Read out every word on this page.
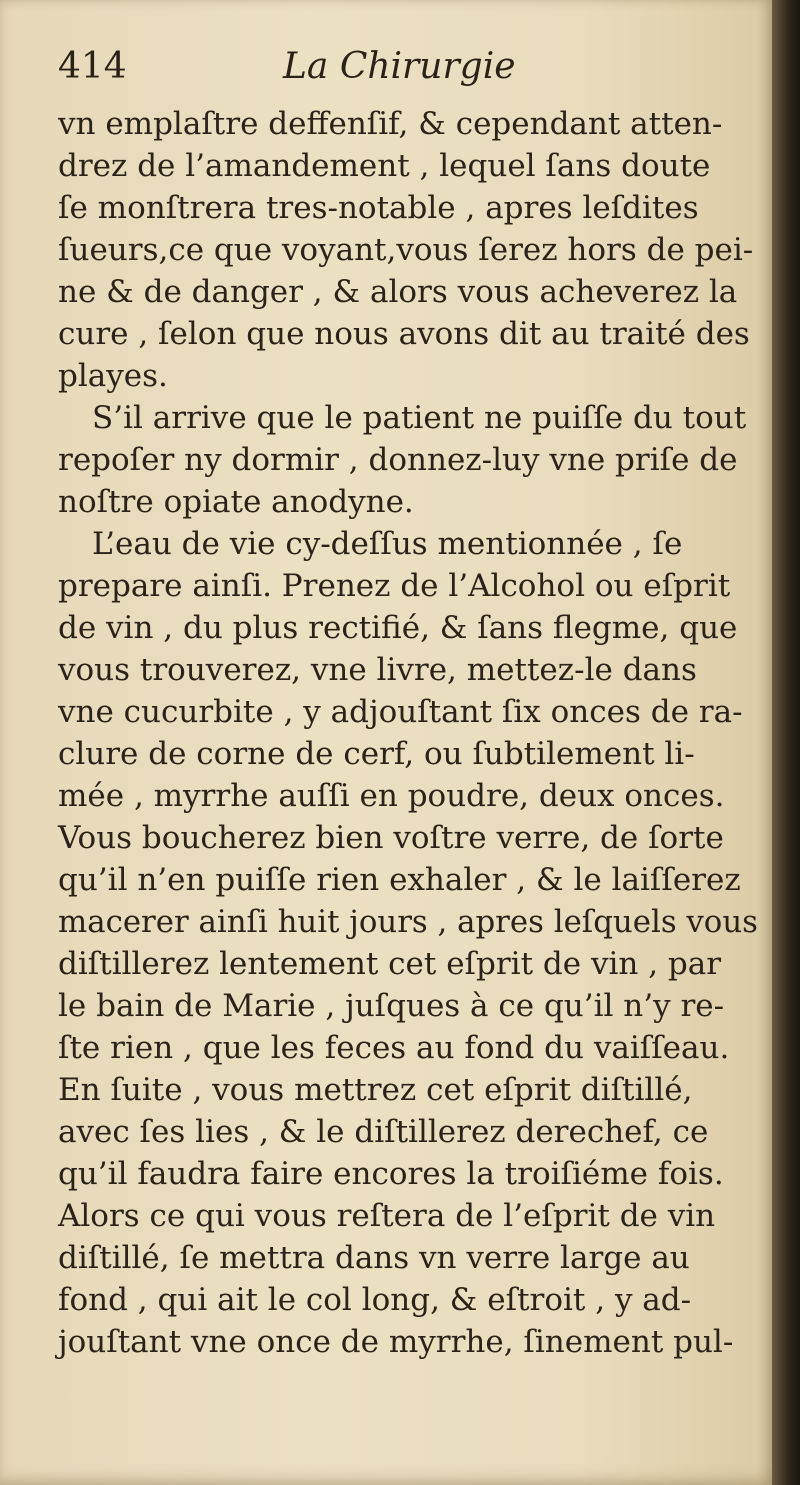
414	La Chirurgie
vn emplaſtre deffenſif, & cependant atten-
drez de l’amandement , lequel ſans doute
ſe monſtrera tres-notable , apres leſdites
ſueurs,ce que voyant,vous ſerez hors de pei-
ne & de danger , & alors vous acheverez la
cure , ſelon que nous avons dit au traité des
playes.
S’il arrive que le patient ne puiſſe du tout
repoſer ny dormir , donnez-luy vne priſe de
noſtre opiate anodyne.
L’eau de vie cy-deſſus mentionnée , ſe
prepare ainſi. Prenez de l’Alcohol ou eſprit
de vin , du plus rectifié, & ſans flegme, que
vous trouverez, vne livre, mettez-le dans
vne cucurbite , y adjouſtant ſix onces de ra-
clure de corne de cerf, ou ſubtilement li-
mée , myrrhe auſſi en poudre, deux onces.
Vous boucherez bien voſtre verre, de ſorte
qu’il n’en puiſſe rien exhaler , & le laiſſerez
macerer ainſi huit jours , apres leſquels vous
diſtillerez lentement cet eſprit de vin , par
le bain de Marie , juſques à ce qu’il n’y re-
ſte rien , que les feces au fond du vaiſſeau.
En ſuite , vous mettrez cet eſprit diſtillé,
avec ſes lies , & le diſtillerez derechef, ce
qu’il faudra faire encores la troiſiéme fois.
Alors ce qui vous reſtera de l’eſprit de vin
diſtillé, ſe mettra dans vn verre large au
fond , qui ait le col long, & eſtroit , y ad-
jouſtant vne once de myrrhe, ſinement pul-
